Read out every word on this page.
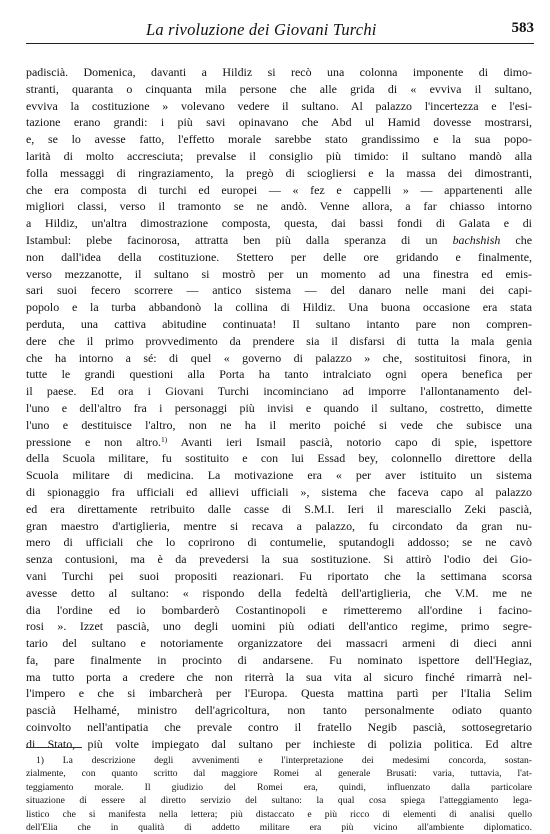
La rivoluzione dei Giovani Turchi	583
padiscià. Domenica, davanti a Hildiz si recò una colonna imponente di dimo-
stranti, quaranta o cinquanta mila persone che alle grida di « evviva il sultano,
evviva la costituzione » volevano vedere il sultano. Al palazzo l'incertezza e l'esi-
tazione erano grandi: i più savi opinavano che Abd ul Hamid dovesse mostrarsi,
e, se lo avesse fatto, l'effetto morale sarebbe stato grandissimo e la sua popo-
larità di molto accresciuta; prevalse il consiglio più timido: il sultano mandò alla
folla messaggi di ringraziamento, la pregò di sciogliersi e la massa dei dimostranti,
che era composta di turchi ed europei — « fez e cappelli » — appartenenti alle
migliori classi, verso il tramonto se ne andò. Venne allora, a far chiasso intorno
a Hildiz, un'altra dimostrazione composta, questa, dai bassi fondi di Galata e di
Istambul: plebe facinorosa, attratta ben più dalla speranza di un bachshish che
non dall'idea della costituzione. Stettero per delle ore gridando e finalmente,
verso mezzanotte, il sultano si mostrò per un momento ad una finestra ed emis-
sari suoi fecero scorrere — antico sistema — del danaro nelle mani dei capi-
popolo e la turba abbandonò la collina di Hildiz. Una buona occasione era stata
perduta, una cattiva abitudine continuata! Il sultano intanto pare non compren-
dere che il primo provvedimento da prendere sia il disfarsi di tutta la mala genia
che ha intorno a sé: di quel « governo di palazzo » che, sostituitosi finora, in
tutte le grandi questioni alla Porta ha tanto intralciato ogni opera benefica per
il paese. Ed ora i Giovani Turchi incominciano ad imporre l'allontanamento del-
l'uno e dell'altro fra i personaggi più invisi e quando il sultano, costretto, dimette
l'uno e destituisce l'altro, non ne ha il merito poiché si vede che subisce una
pressione e non altro.$^{1)}$ Avanti ieri Ismail pascià, notorio capo di spie, ispettore
della Scuola militare, fu sostituito e con lui Essad bey, colonnello direttore della
Scuola militare di medicina. La motivazione era « per aver istituito un sistema
di spionaggio fra ufficiali ed allievi ufficiali », sistema che faceva capo al palazzo
ed era direttamente retribuito dalle casse di S.M.I. Ieri il maresciallo Zeki pascià,
gran maestro d'artiglieria, mentre si recava a palazzo, fu circondato da gran nu-
mero di ufficiali che lo coprirono di contumelie, sputandogli addosso; se ne cavò
senza contusioni, ma è da prevedersi la sua sostituzione. Si attirò l'odio dei Gio-
vani Turchi pei suoi propositi reazionari. Fu riportato che la settimana scorsa
avesse detto al sultano: « rispondo della fedeltà dell'artiglieria, che V.M. me ne
dia l'ordine ed io bombarderò Costantinopoli e rimetteremo all'ordine i facino-
rosi ». Izzet pascià, uno degli uomini più odiati dell'antico regime, primo segre-
tario del sultano e notoriamente organizzatore dei massacri armeni di dieci anni
fa, pare finalmente in procinto di andarsene. Fu nominato ispettore dell'Hegiaz,
ma tutto porta a credere che non riterrà la sua vita al sicuro finché rimarrà nel-
l'impero e che si imbarcherà per l'Europa. Questa mattina partì per l'Italia Selim
pascià Helhamé, ministro dell'agricoltura, non tanto personalmente odiato quanto
coinvolto nell'antipatia che prevale contro il fratello Negib pascià, sottosegretario
di Stato, più volte impiegato dal sultano per inchieste di polizia politica. Ed altre
1) La descrizione degli avvenimenti e l'interpretazione dei medesimi concorda, sostan-
zialmente, con quanto scritto dal maggiore Romei al generale Brusati: varia, tuttavia, l'at-
teggiamento morale. Il giudizio del Romei era, quindi, influenzato dalla particolare
situazione di essere al diretto servizio del sultano: la qual cosa spiega l'atteggiamento lega-
listico che si manifesta nella lettera; più distaccato e più ricco di elementi di analisi quello
dell'Elia che in qualità di addetto militare era più vicino all'ambiente diplomatico.
